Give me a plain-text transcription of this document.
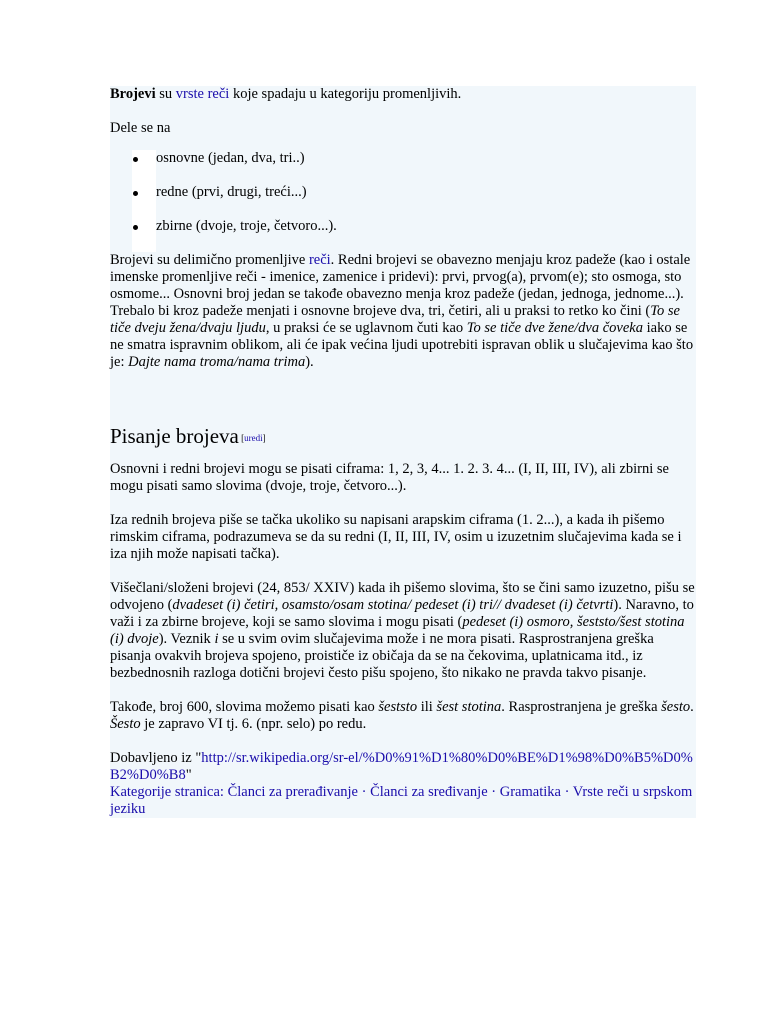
Brojevi su vrste reči koje spadaju u kategoriju promenljivih.

Dele se na

osnovne (jedan, dva, tri..)
redne (prvi, drugi, treći...)
zbirne (dvoje, troje, četvoro...).

Brojevi su delimično promenljive reči. Redni brojevi se obavezno menjaju kroz padeže (kao i ostale imenske promenljive reči - imenice, zamenice i pridevi): prvi, prvog(a), prvom(e); sto osmoga, sto osmome... Osnovni broj jedan se takođe obavezno menja kroz padeže (jedan, jednoga, jednome...). Trebalo bi kroz padeže menjati i osnovne brojeve dva, tri, četiri, ali u praksi to retko ko čini (To se tiče dveju žena/dvaju ljudu, u praksi će se uglavnom čuti kao To se tiče dve žene/dva čoveka iako se ne smatra ispravnim oblikom, ali će ipak većina ljudi upotrebiti ispravan oblik u slučajevima kao što je: Dajte nama troma/nama trima).

Pisanje brojeva [uredi]

Osnovni i redni brojevi mogu se pisati ciframa: 1, 2, 3, 4... 1. 2. 3. 4... (I, II, III, IV), ali zbirni se mogu pisati samo slovima (dvoje, troje, četvoro...).

Iza rednih brojeva piše se tačka ukoliko su napisani arapskim ciframa (1. 2...), a kada ih pišemo rimskim ciframa, podrazumeva se da su redni (I, II, III, IV, osim u izuzetnim slučajevima kada se i iza njih može napisati tačka).

Višečlani/složeni brojevi (24, 853/ XXIV) kada ih pišemo slovima, što se čini samo izuzetno, pišu se odvojeno (dvadeset (i) četiri, osamsto/osam stotina/ pedeset (i) tri// dvadeset (i) četvrti). Naravno, to važi i za zbirne brojeve, koji se samo slovima i mogu pisati (pedeset (i) osmoro, šeststo/šest stotina (i) dvoje). Veznik i se u svim ovim slučajevima može i ne mora pisati. Rasprostranjena greška pisanja ovakvih brojeva spojeno, proističe iz običaja da se na čekovima, uplatnicama itd., iz bezbednosnih razloga dotični brojevi često pišu spojeno, što nikako ne pravda takvo pisanje.

Takođe, broj 600, slovima možemo pisati kao šeststo ili šest stotina. Rasprostranjena je greška šesto. Šesto je zapravo VI tj. 6. (npr. selo) po redu.

Dobavljeno iz "http://sr.wikipedia.org/sr-el/%D0%91%D1%80%D0%BE%D1%98%D0%B5%D0%B2%D0%B8"

Kategorije stranica: Članci za prerađivanje · Članci za sređivanje · Gramatika · Vrste reči u srpskom jeziku
